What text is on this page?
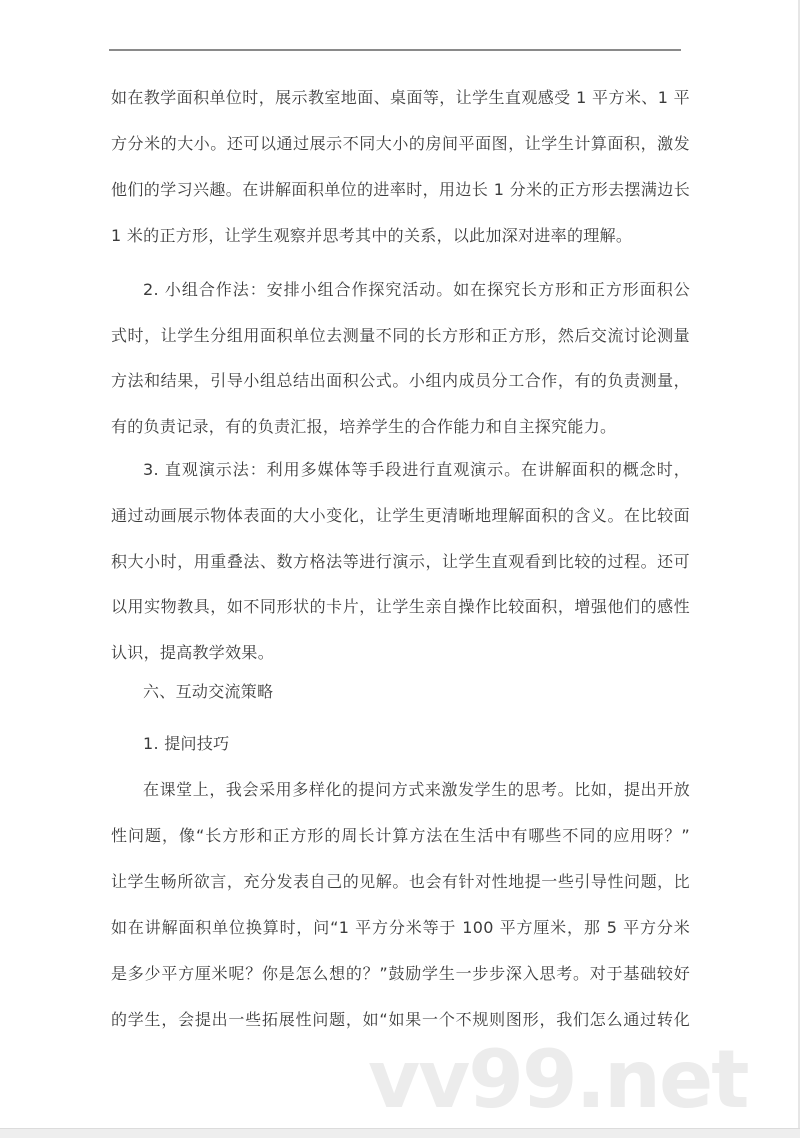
如在教学面积单位时，展示教室地面、桌面等，让学生直观感受 1 平方米、1 平
方分米的大小。还可以通过展示不同大小的房间平面图，让学生计算面积，激发
他们的学习兴趣。在讲解面积单位的进率时，用边长 1 分米的正方形去摆满边长
1 米的正方形，让学生观察并思考其中的关系，以此加深对进率的理解。
2. 小组合作法：安排小组合作探究活动。如在探究长方形和正方形面积公
式时，让学生分组用面积单位去测量不同的长方形和正方形，然后交流讨论测量
方法和结果，引导小组总结出面积公式。小组内成员分工合作，有的负责测量，
有的负责记录，有的负责汇报，培养学生的合作能力和自主探究能力。
3. 直观演示法：利用多媒体等手段进行直观演示。在讲解面积的概念时，
通过动画展示物体表面的大小变化，让学生更清晰地理解面积的含义。在比较面
积大小时，用重叠法、数方格法等进行演示，让学生直观看到比较的过程。还可
以用实物教具，如不同形状的卡片，让学生亲自操作比较面积，增强他们的感性
认识，提高教学效果。
六、互动交流策略
1. 提问技巧
在课堂上，我会采用多样化的提问方式来激发学生的思考。比如，提出开放
性问题，像“长方形和正方形的周长计算方法在生活中有哪些不同的应用呀？”
让学生畅所欲言，充分发表自己的见解。也会有针对性地提一些引导性问题，比
如在讲解面积单位换算时，问“1 平方分米等于 100 平方厘米，那 5 平方分米
是多少平方厘米呢？你是怎么想的？”鼓励学生一步步深入思考。对于基础较好
的学生，会提出一些拓展性问题，如“如果一个不规则图形，我们怎么通过转化
vv99.net
